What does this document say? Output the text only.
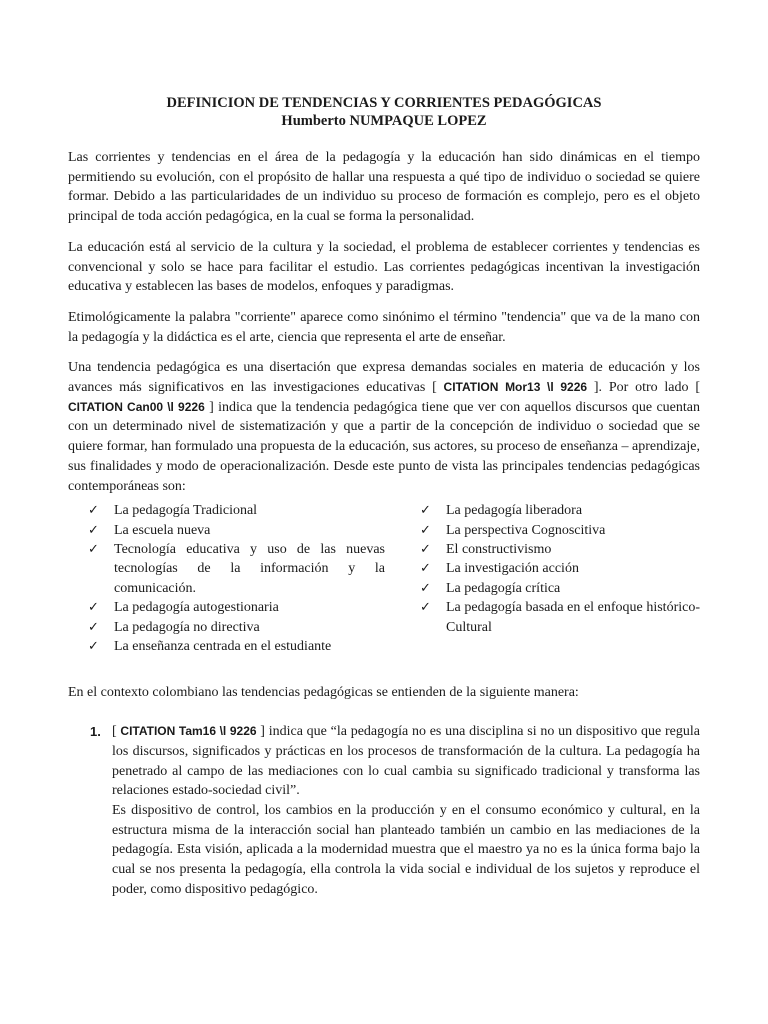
DEFINICION DE TENDENCIAS Y CORRIENTES PEDAGÓGICAS
Humberto NUMPAQUE LOPEZ

Las corrientes y tendencias en el área de la pedagogía y la educación han sido dinámicas en el tiempo permitiendo su evolución, con el propósito de hallar una respuesta a qué tipo de individuo o sociedad se quiere formar. Debido a las particularidades de un individuo su proceso de formación es complejo, pero es el objeto principal de toda acción pedagógica, en la cual se forma la personalidad.

La educación está al servicio de la cultura y la sociedad, el problema de establecer corrientes y tendencias es convencional y solo se hace para facilitar el estudio. Las corrientes pedagógicas incentivan la investigación educativa y establecen las bases de modelos, enfoques y paradigmas.

Etimológicamente la palabra "corriente" aparece como sinónimo el término "tendencia" que va de la mano con la pedagogía y la didáctica es el arte, ciencia que representa el arte de enseñar.

Una tendencia pedagógica es una disertación que expresa demandas sociales en materia de educación y los avances más significativos en las investigaciones educativas [ CITATION Mor13 \l 9226 ]. Por otro lado [ CITATION Can00 \l 9226 ] indica que la tendencia pedagógica tiene que ver con aquellos discursos que cuentan con un determinado nivel de sistematización y que a partir de la concepción de individuo o sociedad que se quiere formar, han formulado una propuesta de la educación, sus actores, su proceso de enseñanza – aprendizaje, sus finalidades y modo de operacionalización. Desde este punto de vista las principales tendencias pedagógicas contemporáneas son:

✓	La pedagogía Tradicional
✓	La escuela nueva
✓	Tecnología educativa y uso de las nuevas tecnologías de la información y la comunicación.
✓	La pedagogía autogestionaria
✓	La pedagogía no directiva
✓	La enseñanza centrada en el estudiante
✓	La pedagogía liberadora
✓	La perspectiva Cognoscitiva
✓	El constructivismo
✓	La investigación acción
✓	La pedagogía crítica
✓	La pedagogía basada en el enfoque histórico-Cultural

En el contexto colombiano las tendencias pedagógicas se entienden de la siguiente manera:

1. [ CITATION Tam16 \l 9226 ] indica que “la pedagogía no es una disciplina si no un dispositivo que regula los discursos, significados y prácticas en los procesos de transformación de la cultura. La pedagogía ha penetrado al campo de las mediaciones con lo cual cambia su significado tradicional y transforma las relaciones estado-sociedad civil”.
Es dispositivo de control, los cambios en la producción y en el consumo económico y cultural, en la estructura misma de la interacción social han planteado también un cambio en las mediaciones de la pedagogía. Esta visión, aplicada a la modernidad muestra que el maestro ya no es la única forma bajo la cual se nos presenta la pedagogía, ella controla la vida social e individual de los sujetos y reproduce el poder, como dispositivo pedagógico.
